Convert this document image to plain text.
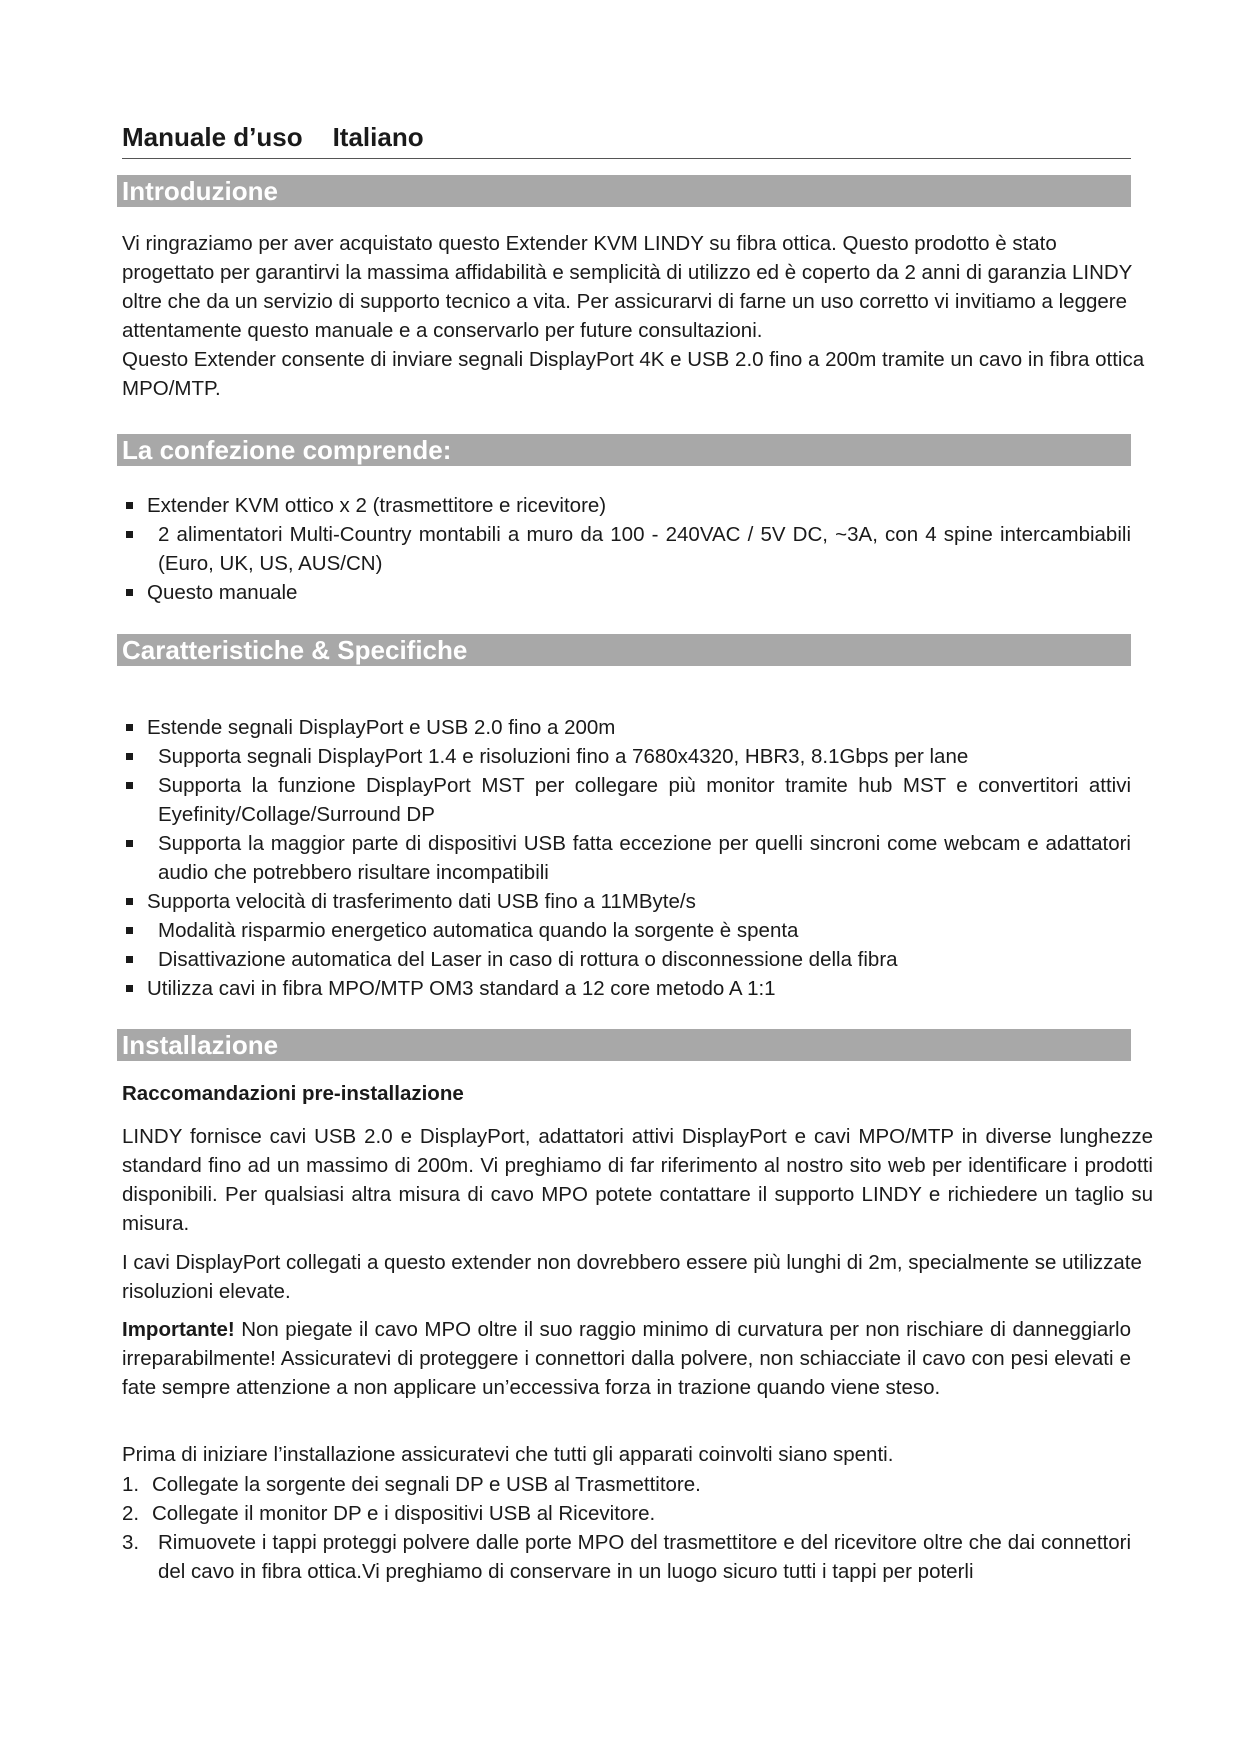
Manuale d’uso Italiano
Introduzione

Vi ringraziamo per aver acquistato questo Extender KVM LINDY su fibra ottica. Questo prodotto è stato progettato per garantirvi la massima affidabilità e semplicità di utilizzo ed è coperto da 2 anni di garanzia LINDY oltre che da un servizio di supporto tecnico a vita. Per assicurarvi di farne un uso corretto vi invitiamo a leggere attentamente questo manuale e a conservarlo per future consultazioni.

Questo Extender consente di inviare segnali DisplayPort 4K e USB 2.0 fino a 200m tramite un cavo in fibra ottica MPO/MTP.

La confezione comprende:
Extender KVM ottico x 2 (trasmettitore e ricevitore)
2 alimentatori Multi-Country montabili a muro da 100 - 240VAC / 5V DC, ~3A, con 4 spine intercambiabili (Euro, UK, US, AUS/CN)
Questo manuale
Caratteristiche & Specifiche
Estende segnali DisplayPort e USB 2.0 fino a 200m
Supporta segnali DisplayPort 1.4 e risoluzioni fino a 7680x4320, HBR3, 8.1Gbps per lane
Supporta la funzione DisplayPort MST per collegare più monitor tramite hub MST e convertitori attivi Eyefinity/Collage/Surround DP
Supporta la maggior parte di dispositivi USB fatta eccezione per quelli sincroni come webcam e adattatori audio che potrebbero risultare incompatibili
Supporta velocità di trasferimento dati USB fino a 11MByte/s
Modalità risparmio energetico automatica quando la sorgente è spenta
Disattivazione automatica del Laser in caso di rottura o disconnessione della fibra
Utilizza cavi in fibra MPO/MTP OM3 standard a 12 core metodo A 1:1
Installazione
Raccomandazioni pre-installazione

LINDY fornisce cavi USB 2.0 e DisplayPort, adattatori attivi DisplayPort e cavi MPO/MTP in diverse lunghezze standard fino ad un massimo di 200m. Vi preghiamo di far riferimento al nostro sito web per identificare i prodotti disponibili. Per qualsiasi altra misura di cavo MPO potete contattare il supporto LINDY e richiedere un taglio su misura.

I cavi DisplayPort collegati a questo extender non dovrebbero essere più lunghi di 2m, specialmente se utilizzate risoluzioni elevate.

Importante! Non piegate il cavo MPO oltre il suo raggio minimo di curvatura per non rischiare di danneggiarlo irreparabilmente! Assicuratevi di proteggere i connettori dalla polvere, non schiacciate il cavo con pesi elevati e fate sempre attenzione a non applicare un’eccessiva forza in trazione quando viene steso.

Prima di iniziare l’installazione assicuratevi che tutti gli apparati coinvolti siano spenti.

1. Collegate la sorgente dei segnali DP e USB al Trasmettitore.
2. Collegate il monitor DP e i dispositivi USB al Ricevitore.
3. Rimuovete i tappi proteggi polvere dalle porte MPO del trasmettitore e del ricevitore oltre che dai connettori del cavo in fibra ottica.Vi preghiamo di conservare in un luogo sicuro tutti i tappi per poterli
